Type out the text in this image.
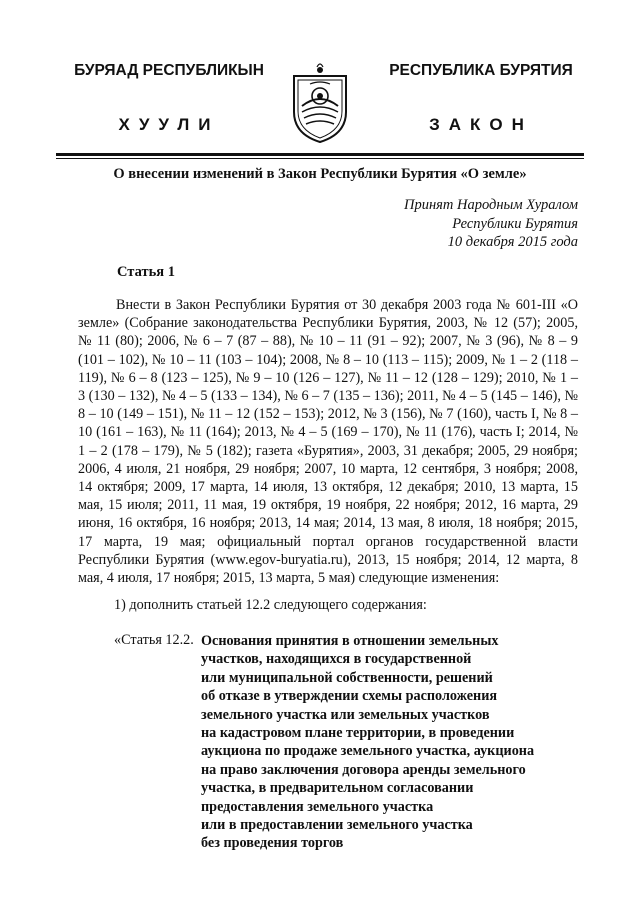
БУРЯАД РЕСПУБЛИКЫН
ХУУЛИ
РЕСПУБЛИКА БУРЯТИЯ
ЗАКОН
О внесении изменений в Закон Республики Бурятия «О земле»
Принят Народным Хуралом
Республики Бурятия
10 декабря 2015 года
Статья 1
Внести в Закон Республики Бурятия от 30 декабря 2003 года № 601-III «О земле» (Собрание законодательства Республики Бурятия, 2003, № 12 (57); 2005, № 11 (80); 2006, № 6 – 7 (87 – 88), № 10 – 11 (91 – 92); 2007, № 3 (96), № 8 – 9 (101 – 102), № 10 – 11 (103 – 104); 2008, № 8 – 10 (113 – 115); 2009, № 1 – 2 (118 – 119), № 6 – 8 (123 – 125), № 9 – 10 (126 – 127), № 11 – 12 (128 – 129); 2010, № 1 – 3 (130 – 132), № 4 – 5 (133 – 134), № 6 – 7 (135 – 136); 2011, № 4 – 5 (145 – 146), № 8 – 10 (149 – 151), № 11 – 12 (152 – 153); 2012, № 3 (156), № 7 (160), часть I, № 8 – 10 (161 – 163), № 11 (164); 2013, № 4 – 5 (169 – 170), № 11 (176), часть I; 2014, № 1 – 2 (178 – 179), № 5 (182); газета «Бурятия», 2003, 31 декабря; 2005, 29 ноября; 2006, 4 июля, 21 ноября, 29 ноября; 2007, 10 марта, 12 сентября, 3 ноября; 2008, 14 октября; 2009, 17 марта, 14 июля, 13 октября, 12 декабря; 2010, 13 марта, 15 мая, 15 июля; 2011, 11 мая, 19 октября, 19 ноября, 22 ноября; 2012, 16 марта, 29 июня, 16 октября, 16 ноября; 2013, 14 мая; 2014, 13 мая, 8 июля, 18 ноября; 2015, 17 марта, 19 мая; официальный портал органов государственной власти Республики Бурятия (www.egov-buryatia.ru), 2013, 15 ноября; 2014, 12 марта, 8 мая, 4 июля, 17 ноября; 2015, 13 марта, 5 мая) следующие изменения:
1) дополнить статьей 12.2 следующего содержания:
«Статья 12.2. Основания принятия в отношении земельных
участков, находящихся в государственной
или муниципальной собственности, решений
об отказе в утверждении схемы расположения
земельного участка или земельных участков
на кадастровом плане территории, в проведении
аукциона по продаже земельного участка, аукциона
на право заключения договора аренды земельного
участка, в предварительном согласовании
предоставления земельного участка
или в предоставлении земельного участка
без проведения торгов
